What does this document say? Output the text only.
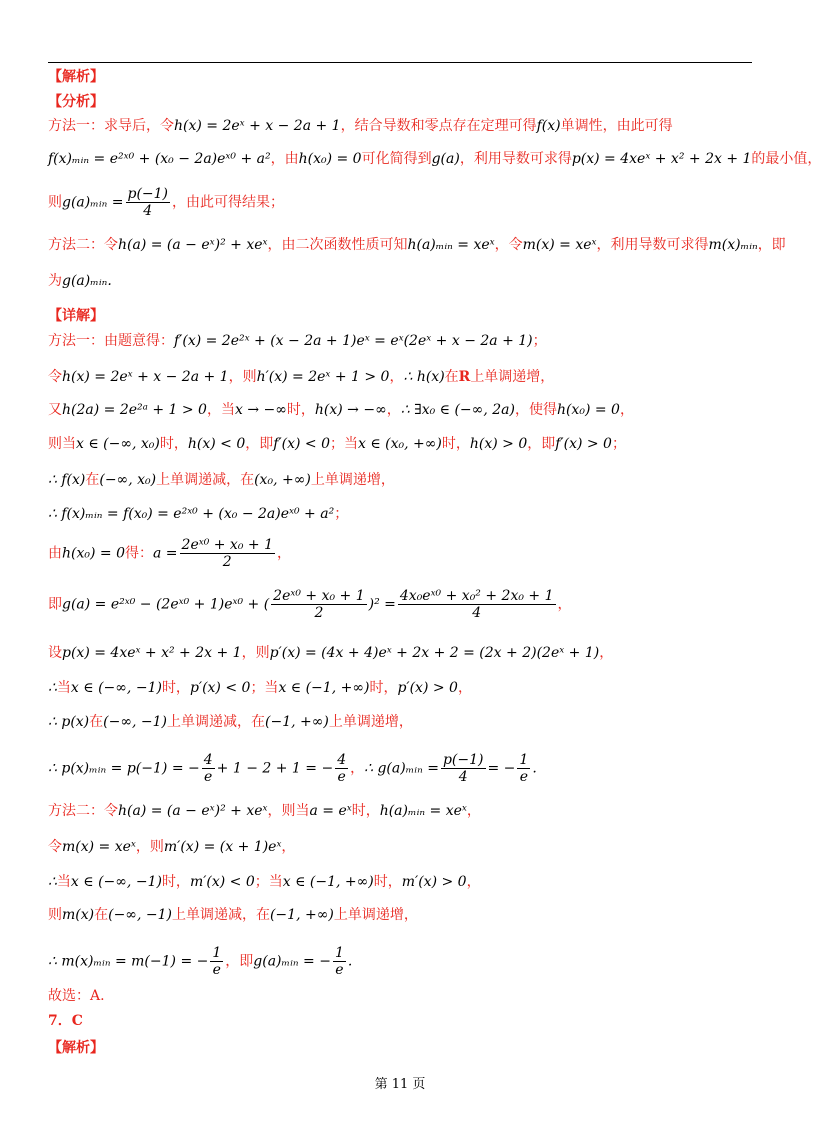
【解析】
【分析】
方法一：求导后，令h(x) = 2eˣ + x − 2a + 1，结合导数和零点存在定理可得f(x)单调性，由此可得
f(x)ₘᵢₙ = e²ˣ⁰ + (x₀ − 2a)eˣ⁰ + a²，由h(x₀) = 0可化简得到g(a)，利用导数可求得p(x) = 4xeˣ + x² + 2x + 1的最小值，
则g(a)ₘᵢₙ = $\frac{p(-1)}{4}$ ，由此可得结果；
方法二：令h(a) = (a − eˣ)² + xeˣ，由二次函数性质可知h(a)ₘᵢₙ = xeˣ，令m(x) = xeˣ，利用导数可求得m(x)ₘᵢₙ，即
为g(a)ₘᵢₙ.
【详解】
方法一：由题意得：f′(x) = 2e²ˣ + (x − 2a + 1)eˣ = eˣ(2eˣ + x − 2a + 1)；
令h(x) = 2eˣ + x − 2a + 1，则h′(x) = 2eˣ + 1 > 0，∴ h(x)在R上单调递增，
又h(2a) = 2e²ᵃ + 1 > 0，当x → −∞时，h(x) → −∞，∴ ∃x₀ ∈ (−∞, 2a)，使得h(x₀) = 0，
则当x ∈ (−∞, x₀)时，h(x) < 0，即f′(x) < 0；当x ∈ (x₀, +∞)时，h(x) > 0，即f′(x) > 0；
∴ f(x)在(−∞, x₀)上单调递减，在(x₀, +∞)上单调递增，
∴ f(x)ₘᵢₙ = f(x₀) = e²ˣ⁰ + (x₀ − 2a)eˣ⁰ + a²；
由h(x₀) = 0得：$a = \frac{\text{2eˣ⁰ + x₀ + 1}}{2}$ ，
即g(a) = e²ˣ⁰ − (2eˣ⁰ + 1)eˣ⁰ + ( $\frac{\text{2eˣ⁰ + x₀ + 1}}{2} )^2 = \frac{\text{4x₀eˣ⁰ + x₀² + 2x₀ + 1}}{4}$ ，
设p(x) = 4xeˣ + x² + 2x + 1，则p′(x) = (4x + 4)eˣ + 2x + 2 = (2x + 2)(2eˣ + 1)，
∴当x ∈ (−∞, −1)时，p′(x) < 0；当x ∈ (−1, +∞)时，p′(x) > 0，
∴ p(x)在(−∞, −1)上单调递减，在(−1, +∞)上单调递增，
∴ p(x)ₘᵢₙ = p(−1) = − $\frac{4}{e} + 1 - 2 + 1$ = − $\frac{4}{e}$ ，∴ g(a)ₘᵢₙ = $\frac{p(-1)}{4}$ = − $\frac{1}{e}$ .
方法二：令h(a) = (a − eˣ)² + xeˣ，则当a = eˣ时，h(a)ₘᵢₙ = xeˣ，
令m(x) = xeˣ，则m′(x) = (x + 1)eˣ，
∴当x ∈ (−∞, −1)时，m′(x) < 0；当x ∈ (−1, +∞)时，m′(x) > 0，
则m(x)在(−∞, −1)上单调递减，在(−1, +∞)上单调递增，
∴ m(x)ₘᵢₙ = m(−1) = − $\frac{1}{e}$ ，即g(a)ₘᵢₙ = − $\frac{1}{e}$ .
故选：A.
7．C
【解析】
第 11 页
